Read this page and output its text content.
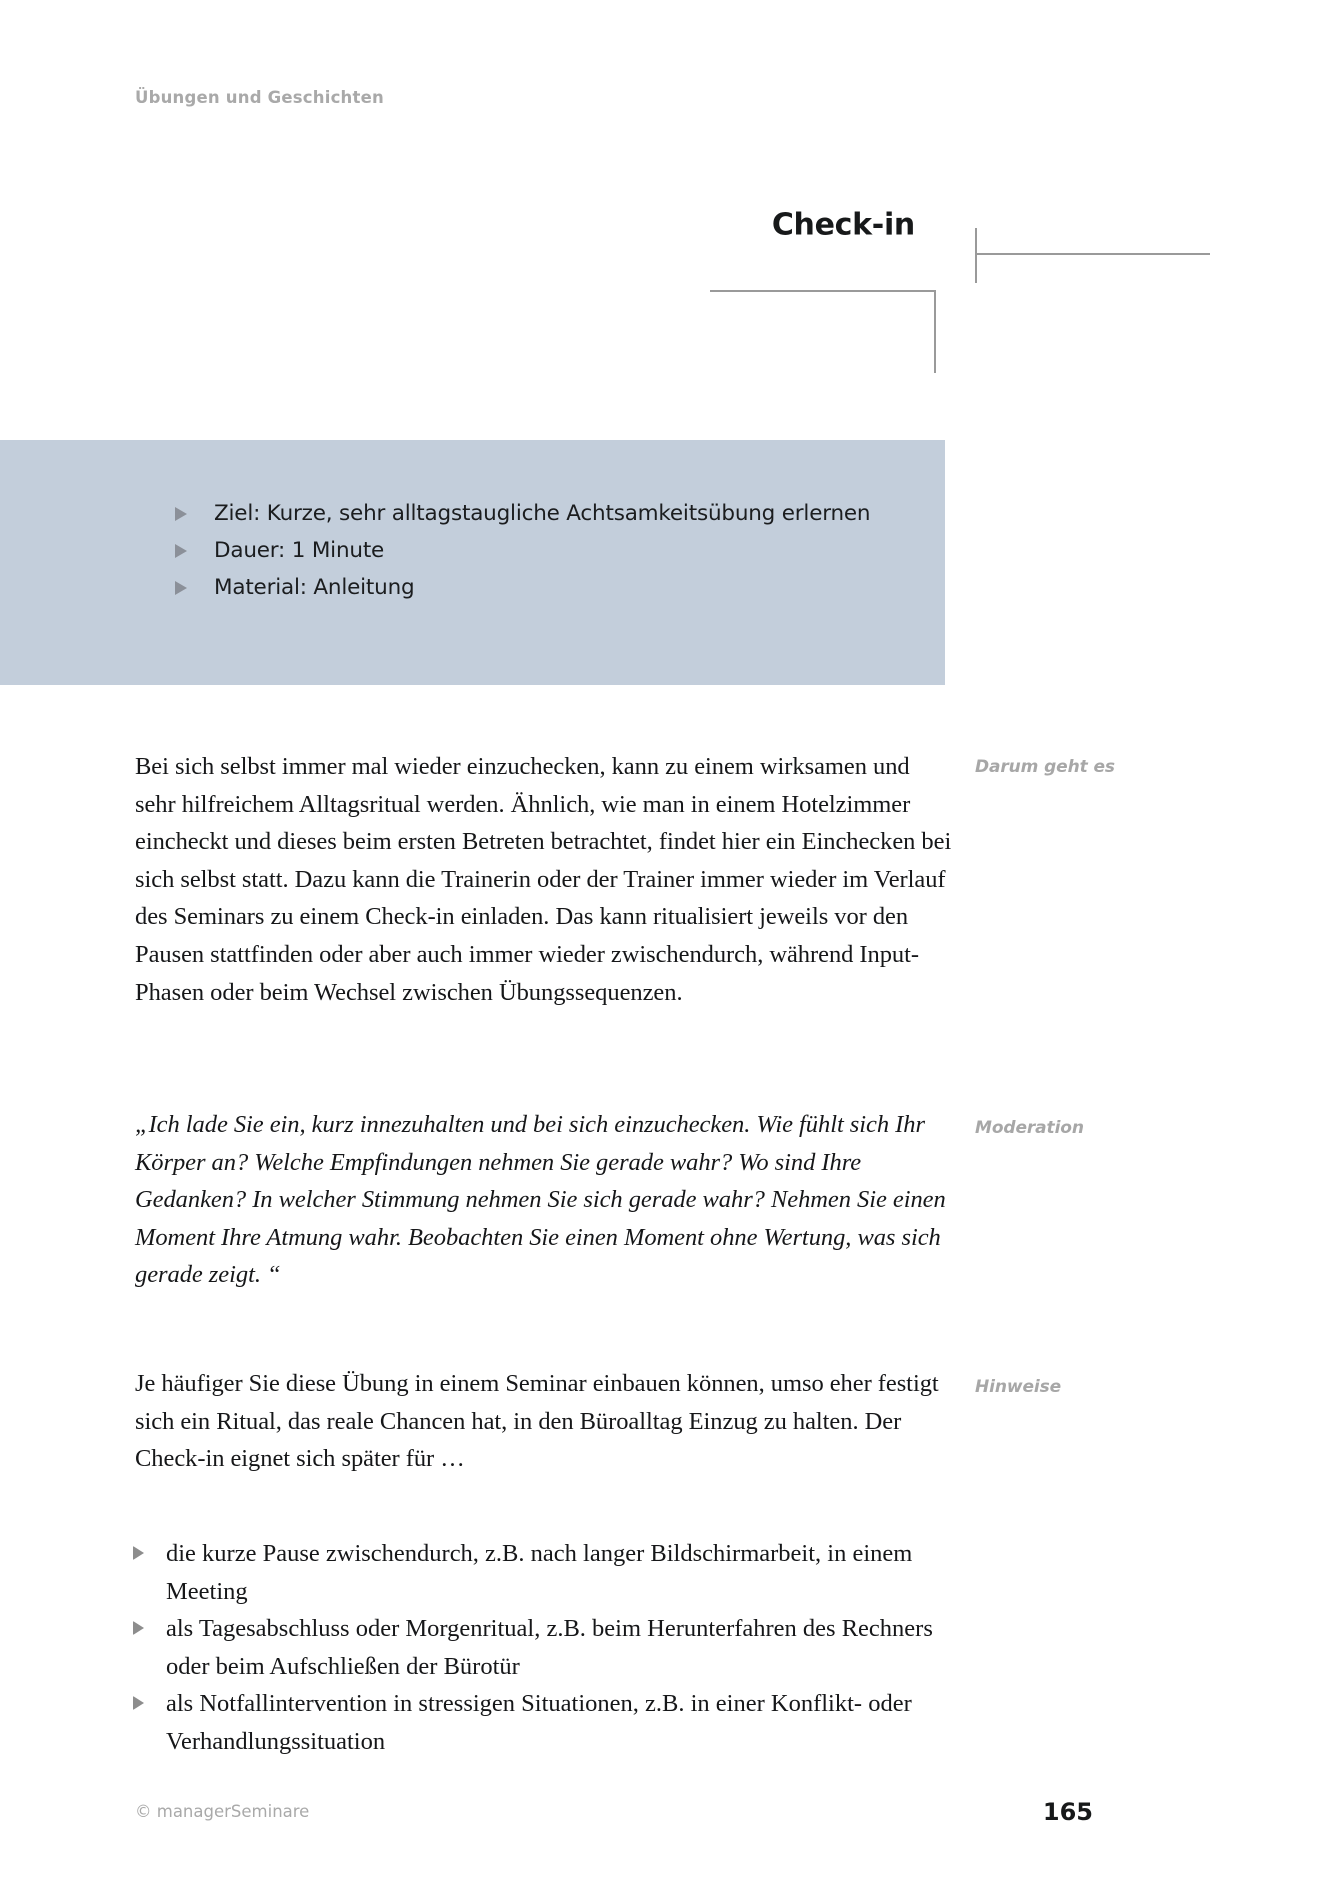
Übungen und Geschichten
Check-in
Ziel: Kurze, sehr alltagstaugliche Achtsamkeitsübung erlernen
Dauer: 1 Minute
Material: Anleitung

Bei sich selbst immer mal wieder einzuchecken, kann zu einem wirksamen und sehr hilfreichem Alltagsritual werden. Ähnlich, wie man in einem Hotelzimmer eincheckt und dieses beim ersten Betreten betrachtet, findet hier ein Einchecken bei sich selbst statt. Dazu kann die Trainerin oder der Trainer immer wieder im Verlauf des Seminars zu einem Check-in einladen. Das kann ritualisiert jeweils vor den Pausen stattfinden oder aber auch immer wieder zwischendurch, während Input-Phasen oder beim Wechsel zwischen Übungssequenzen.

Darum geht es

„Ich lade Sie ein, kurz innezuhalten und bei sich einzuchecken. Wie fühlt sich Ihr Körper an? Welche Empfindungen nehmen Sie gerade wahr? Wo sind Ihre Gedanken? In welcher Stimmung nehmen Sie sich gerade wahr? Nehmen Sie einen Moment Ihre Atmung wahr. Beobachten Sie einen Moment ohne Wertung, was sich gerade zeigt. “

Moderation

Je häufiger Sie diese Übung in einem Seminar einbauen können, umso eher festigt sich ein Ritual, das reale Chancen hat, in den Büroalltag Einzug zu halten. Der Check-in eignet sich später für …

Hinweise
die kurze Pause zwischendurch, z.B. nach langer Bildschirmarbeit, in einem Meeting
als Tagesabschluss oder Morgenritual, z.B. beim Herunterfahren des Rechners oder beim Aufschließen der Bürotür
als Notfallintervention in stressigen Situationen, z.B. in einer Konflikt- oder Verhandlungssituation
© managerSeminare	165
